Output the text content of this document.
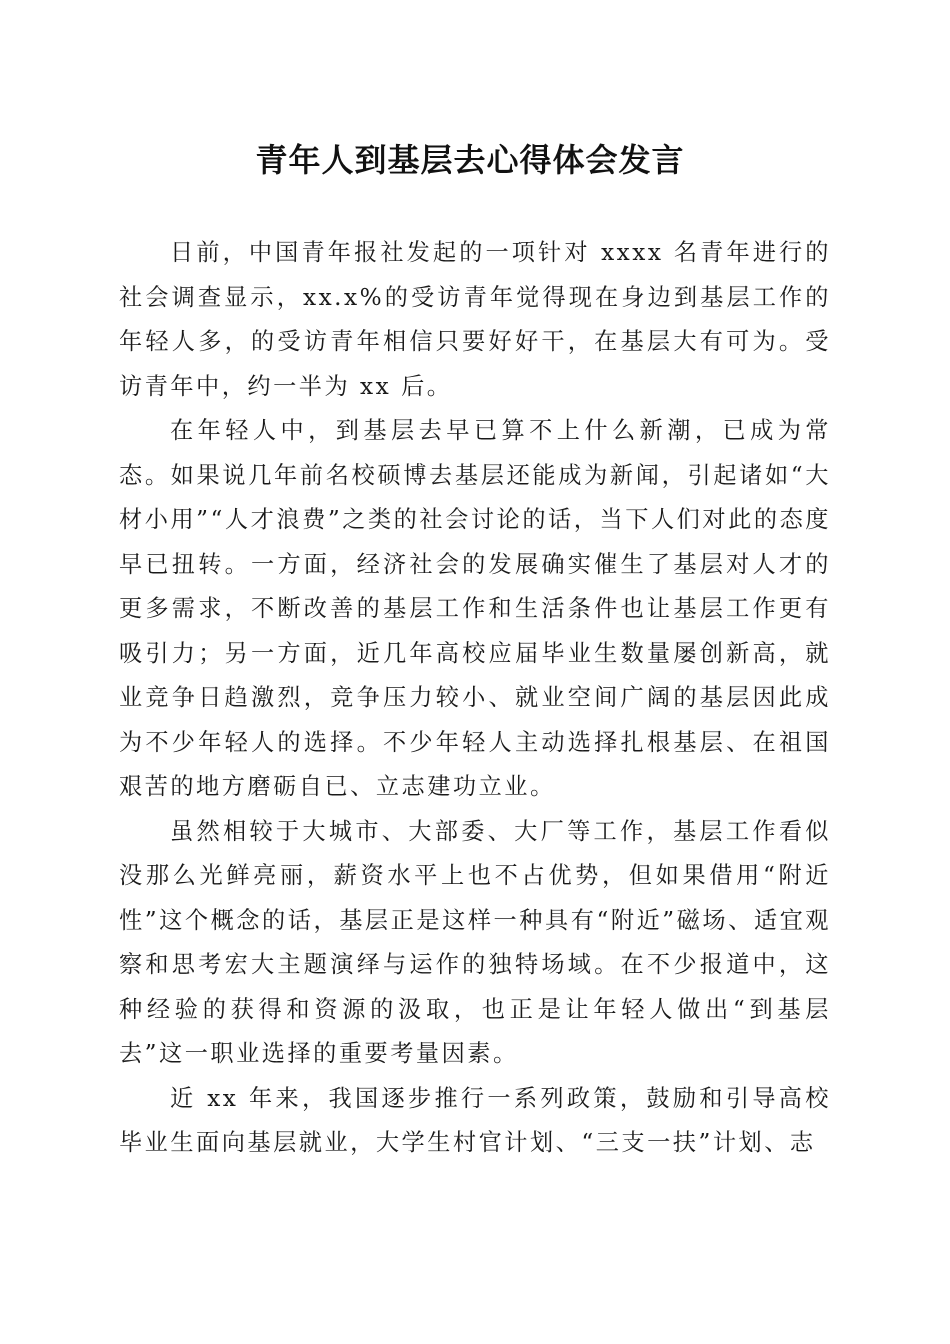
青年人到基层去心得体会发言

日前，中国青年报社发起的一项针对 xxxx 名青年进行的社会调查显示，xx.x%的受访青年觉得现在身边到基层工作的年轻人多，的受访青年相信只要好好干，在基层大有可为。受访青年中，约一半为 xx 后。

在年轻人中，到基层去早已算不上什么新潮，已成为常态。如果说几年前名校硕博去基层还能成为新闻，引起诸如“大材小用”“人才浪费”之类的社会讨论的话，当下人们对此的态度早已扭转。一方面，经济社会的发展确实催生了基层对人才的更多需求，不断改善的基层工作和生活条件也让基层工作更有吸引力；另一方面，近几年高校应届毕业生数量屡创新高，就业竞争日趋激烈，竞争压力较小、就业空间广阔的基层因此成为不少年轻人的选择。不少年轻人主动选择扎根基层、在祖国艰苦的地方磨砺自已、立志建功立业。

虽然相较于大城市、大部委、大厂等工作，基层工作看似没那么光鲜亮丽，薪资水平上也不占优势，但如果借用“附近性”这个概念的话，基层正是这样一种具有“附近”磁场、适宜观察和思考宏大主题演绎与运作的独特场域。在不少报道中，这种经验的获得和资源的汲取，也正是让年轻人做出“到基层去”这一职业选择的重要考量因素。

近 xx 年来，我国逐步推行一系列政策，鼓励和引导高校毕业生面向基层就业，大学生村官计划、“三支一扶”计划、志
